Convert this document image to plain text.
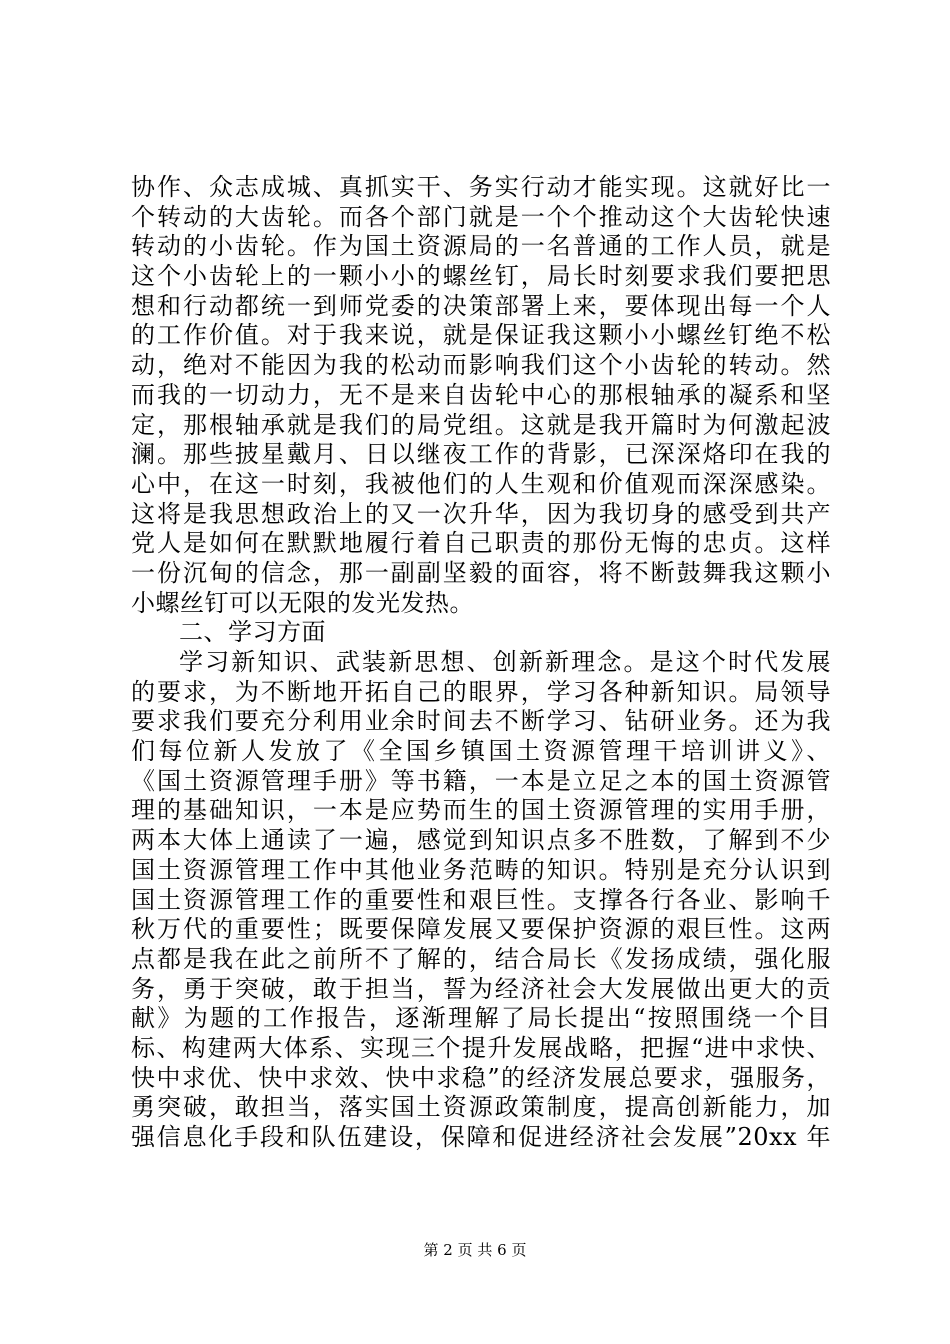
协作、众志成城、真抓实干、务实行动才能实现。这就好比一
个转动的大齿轮。而各个部门就是一个个推动这个大齿轮快速
转动的小齿轮。作为国土资源局的一名普通的工作人员，就是
这个小齿轮上的一颗小小的螺丝钉，局长时刻要求我们要把思
想和行动都统一到师党委的决策部署上来，要体现出每一个人
的工作价值。对于我来说，就是保证我这颗小小螺丝钉绝不松
动，绝对不能因为我的松动而影响我们这个小齿轮的转动。然
而我的一切动力，无不是来自齿轮中心的那根轴承的凝系和坚
定，那根轴承就是我们的局党组。这就是我开篇时为何激起波
澜。那些披星戴月、日以继夜工作的背影，已深深烙印在我的
心中，在这一时刻，我被他们的人生观和价值观而深深感染。
这将是我思想政治上的又一次升华，因为我切身的感受到共产
党人是如何在默默地履行着自己职责的那份无悔的忠贞。这样
一份沉甸的信念，那一副副坚毅的面容，将不断鼓舞我这颗小
小螺丝钉可以无限的发光发热。
二、学习方面
学习新知识、武装新思想、创新新理念。是这个时代发展
的要求，为不断地开拓自己的眼界，学习各种新知识。局领导
要求我们要充分利用业余时间去不断学习、钻研业务。还为我
们每位新人发放了《全国乡镇国土资源管理干培训讲义》、
《国土资源管理手册》等书籍，一本是立足之本的国土资源管
理的基础知识，一本是应势而生的国土资源管理的实用手册，
两本大体上通读了一遍，感觉到知识点多不胜数，了解到不少
国土资源管理工作中其他业务范畴的知识。特别是充分认识到
国土资源管理工作的重要性和艰巨性。支撑各行各业、影响千
秋万代的重要性；既要保障发展又要保护资源的艰巨性。这两
点都是我在此之前所不了解的，结合局长《发扬成绩，强化服
务，勇于突破，敢于担当，誓为经济社会大发展做出更大的贡
献》为题的工作报告，逐渐理解了局长提出“按照围绕一个目
标、构建两大体系、实现三个提升发展战略，把握“进中求快、
快中求优、快中求效、快中求稳”的经济发展总要求，强服务，
勇突破，敢担当，落实国土资源政策制度，提高创新能力，加
强信息化手段和队伍建设，保障和促进经济社会发展”20xx 年
第 2 页 共 6 页
